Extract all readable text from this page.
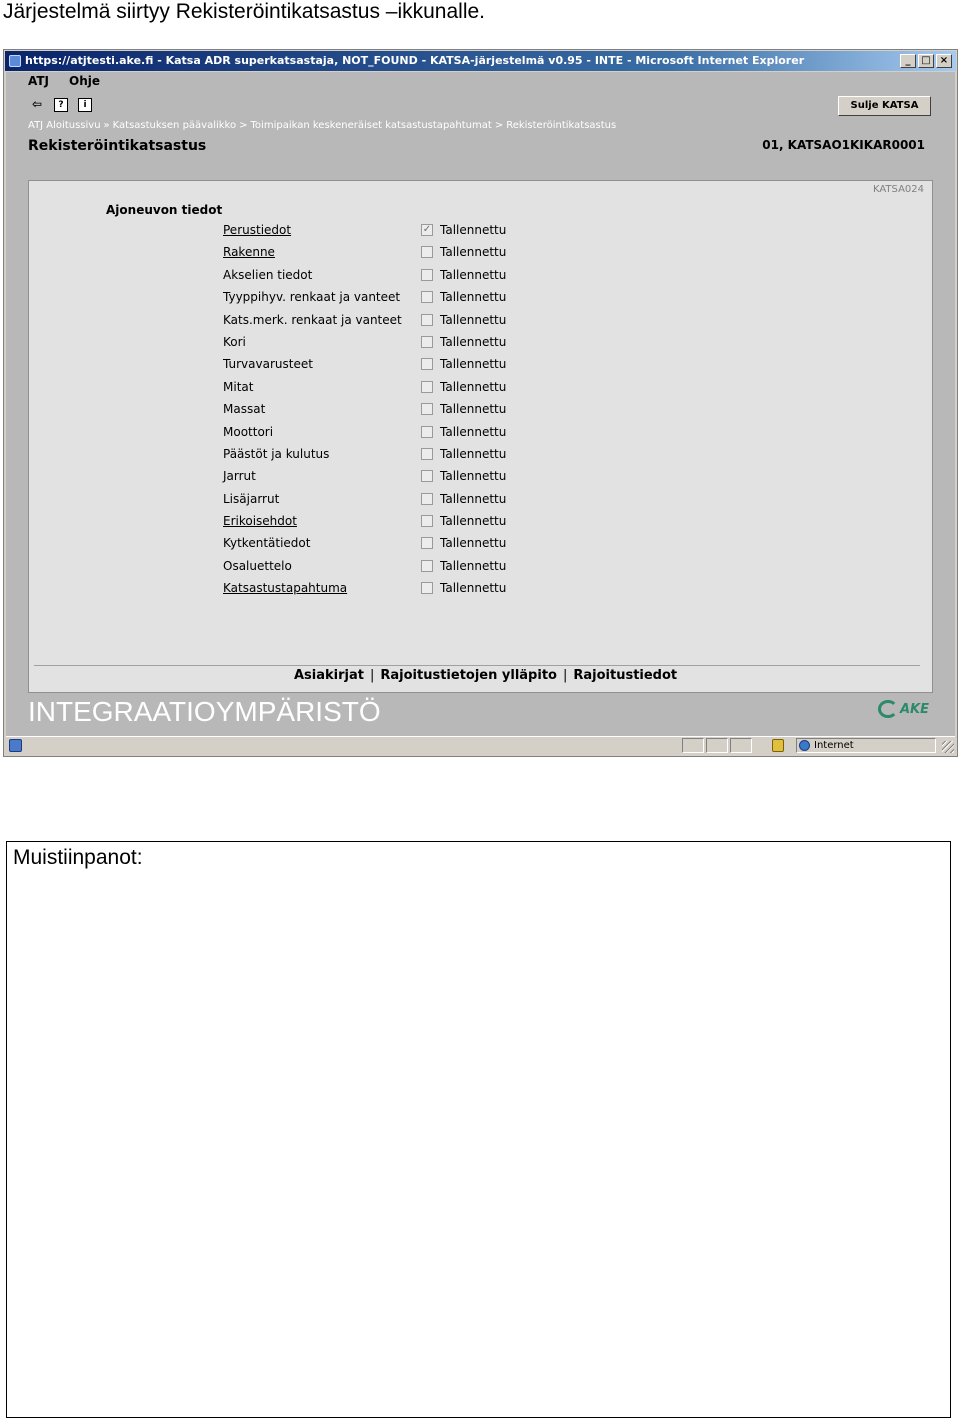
Järjestelmä siirtyy Rekisteröintikatsastus –ikkunalle.
https://atjtesti.ake.fi - Katsa ADR superkatsastaja, NOT_FOUND - KATSA-järjestelmä v0.95 - INTE - Microsoft Internet Explorer	_	□ ×
ATJ Ohje
⇦	?	i	Sulje KATSA
ATJ Aloitussivu » Katsastuksen päävalikko > Toimipaikan keskeneräiset katsastustapahtumat > Rekisteröintikatsastus
Rekisteröintikatsastus	01, KATSAO1KIKAR0001
KATSA024
Ajoneuvon tiedot
Perustiedot	✓ Tallennettu
Rakenne	Tallennettu
Akselien tiedot	Tallennettu
Tyyppihyv. renkaat ja vanteet	Tallennettu
Kats.merk. renkaat ja vanteet	Tallennettu
Kori	Tallennettu
Turvavarusteet	Tallennettu
Mitat	Tallennettu
Massat	Tallennettu
Moottori	Tallennettu
Päästöt ja kulutus	Tallennettu
Jarrut	Tallennettu
Lisäjarrut	Tallennettu
Erikoisehdot	Tallennettu
Kytkentätiedot	Tallennettu
Osaluettelo	Tallennettu
Katsastustapahtuma	Tallennettu
Asiakirjat | Rajoitustietojen ylläpito | Rajoitustiedot
INTEGRAATIOYMPÄRISTÖ	AKE
Internet
Muistiinpanot:
